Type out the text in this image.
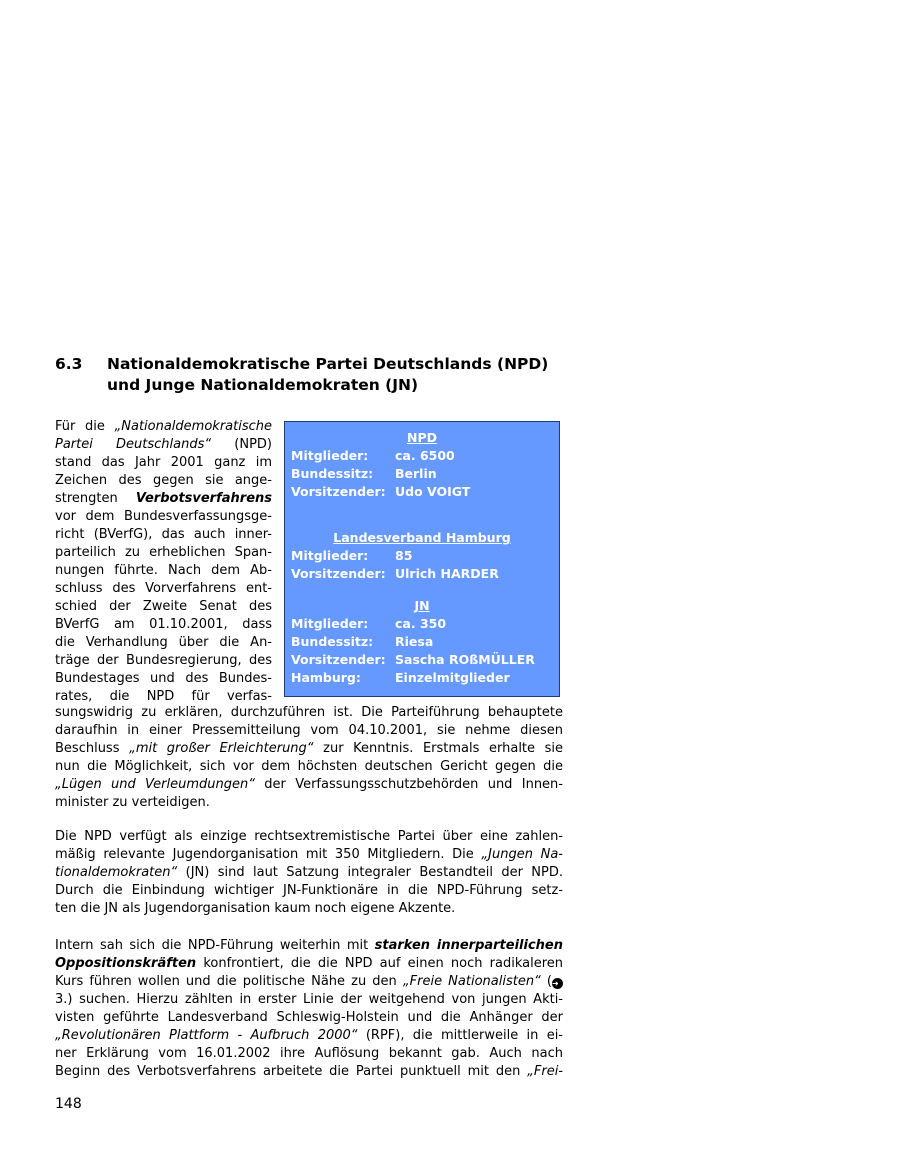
6.3 Nationaldemokratische Partei Deutschlands (NPD)
und Junge Nationaldemokraten (JN)
NPD
Mitglieder: ca. 6500
Bundessitz: Berlin
Vorsitzender: Udo VOIGT
Landesverband Hamburg
Mitglieder: 85
Vorsitzender: Ulrich HARDER
JN
Mitglieder: ca. 350
Bundessitz: Riesa
Vorsitzender: Sascha ROßMÜLLER
Hamburg:	Einzelmitglieder
Für die „Nationaldemokratische
Partei Deutschlands“ (NPD)
stand das Jahr 2001 ganz im
Zeichen des gegen sie ange-
strengten Verbotsverfahrens
vor dem Bundesverfassungsge-
richt (BVerfG), das auch inner-
parteilich zu erheblichen Span-
nungen führte. Nach dem Ab-
schluss des Vorverfahrens ent-
schied der Zweite Senat des
BVerfG am 01.10.2001, dass
die Verhandlung über die An-
träge der Bundesregierung, des
Bundestages und des Bundes-
rates, die NPD für verfas-
sungswidrig zu erklären, durchzuführen ist. Die Parteiführung behauptete
daraufhin in einer Pressemitteilung vom 04.10.2001, sie nehme diesen
Beschluss „mit großer Erleichterung“ zur Kenntnis. Erstmals erhalte sie
nun die Möglichkeit, sich vor dem höchsten deutschen Gericht gegen die
„Lügen und Verleumdungen“ der Verfassungsschutzbehörden und Innen-
minister zu verteidigen.
Die NPD verfügt als einzige rechtsextremistische Partei über eine zahlen-
mäßig relevante Jugendorganisation mit 350 Mitgliedern. Die „Jungen Na-
tionaldemokraten“ (JN) sind laut Satzung integraler Bestandteil der NPD.
Durch die Einbindung wichtiger JN-Funktionäre in die NPD-Führung setz-
ten die JN als Jugendorganisation kaum noch eigene Akzente.
Intern sah sich die NPD-Führung weiterhin mit starken innerparteilichen
Oppositionskräften konfrontiert, die die NPD auf einen noch radikaleren
Kurs führen wollen und die politische Nähe zu den „Freie Nationalisten“ (➜
3.) suchen. Hierzu zählten in erster Linie der weitgehend von jungen Akti-
visten geführte Landesverband Schleswig-Holstein und die Anhänger der
„Revolutionären Plattform - Aufbruch 2000“ (RPF), die mittlerweile in ei-
ner Erklärung vom 16.01.2002 ihre Auflösung bekannt gab. Auch nach
Beginn des Verbotsverfahrens arbeitete die Partei punktuell mit den „Frei-
148
